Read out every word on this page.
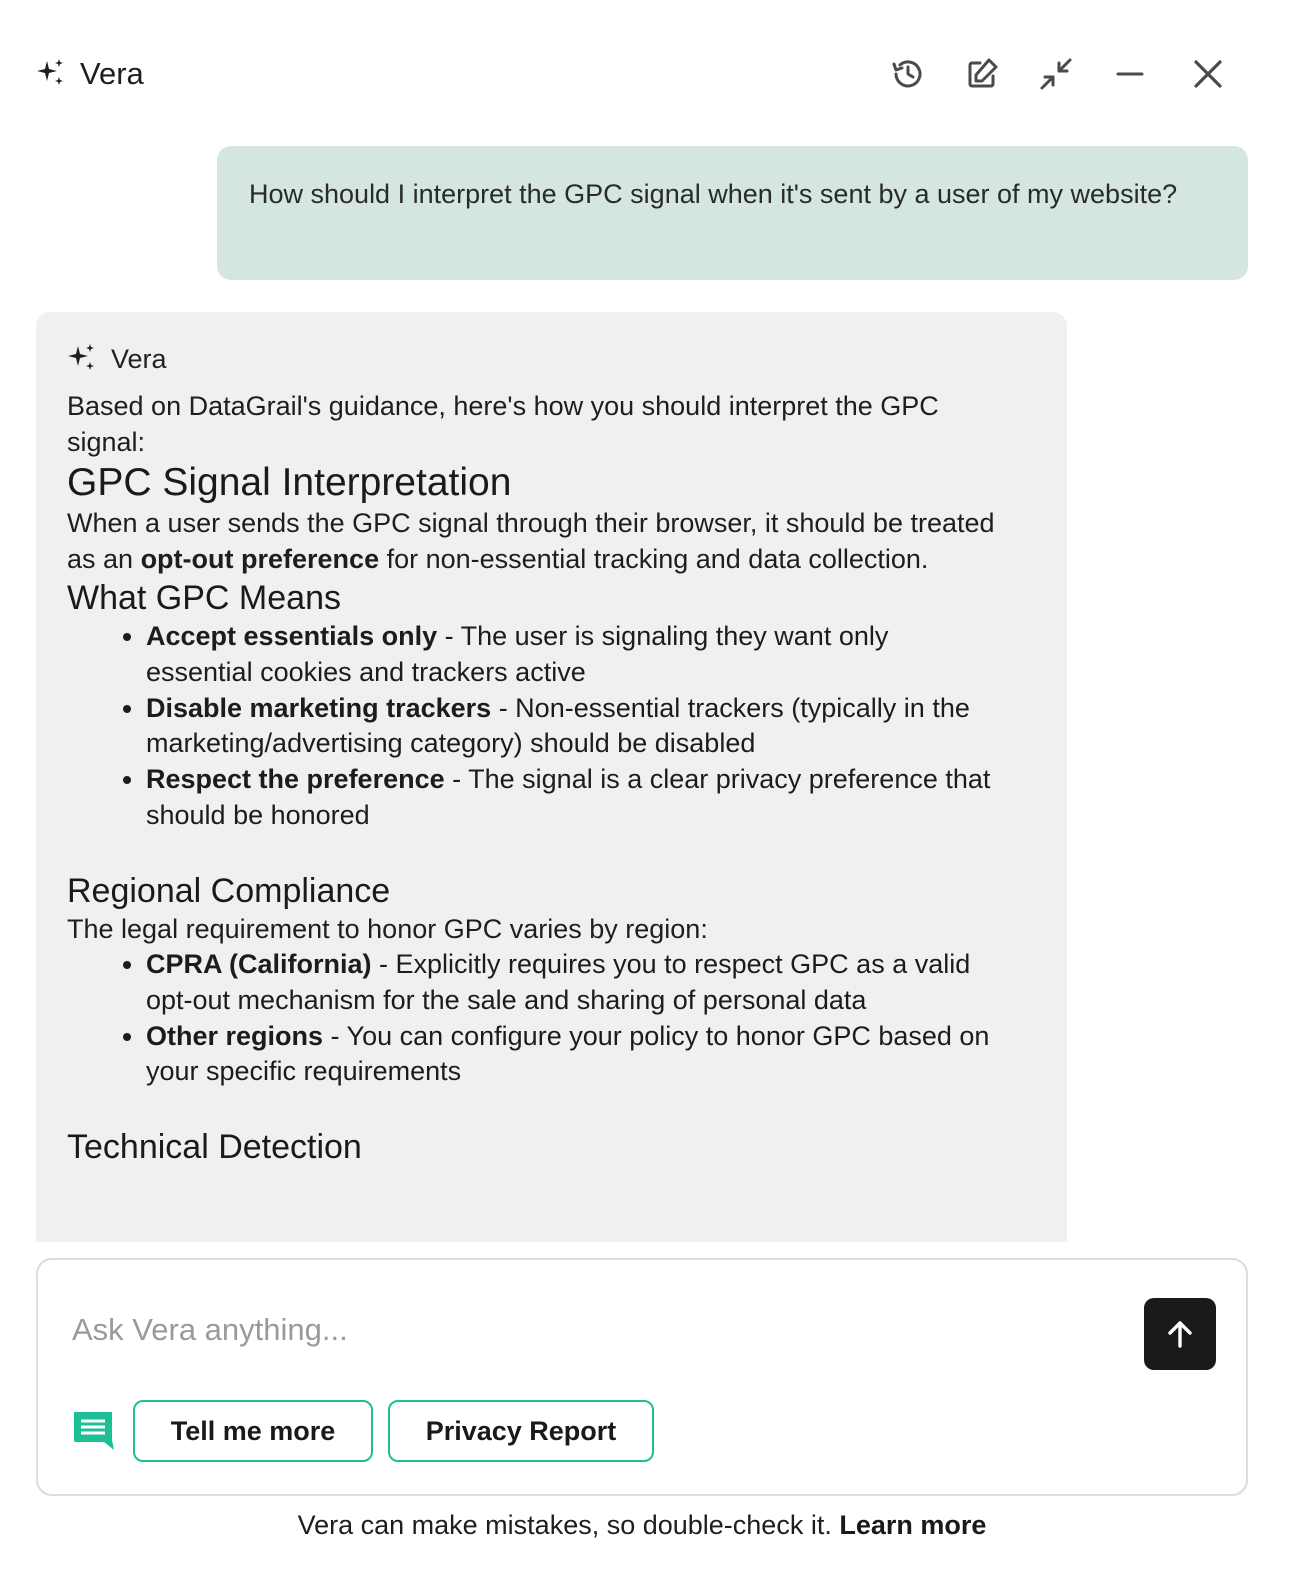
Vera
How should I interpret the GPC signal when it's sent by a user of my website?
Vera
Based on DataGrail's guidance, here's how you should interpret the GPC signal:
GPC Signal Interpretation
When a user sends the GPC signal through their browser, it should be treated as an opt-out preference for non-essential tracking and data collection.
What GPC Means
• Accept essentials only - The user is signaling they want only essential cookies and trackers active
• Disable marketing trackers - Non-essential trackers (typically in the marketing/advertising category) should be disabled
• Respect the preference - The signal is a clear privacy preference that should be honored
Regional Compliance
The legal requirement to honor GPC varies by region:
• CPRA (California) - Explicitly requires you to respect GPC as a valid opt-out mechanism for the sale and sharing of personal data
• Other regions - You can configure your policy to honor GPC based on your specific requirements
Technical Detection
Ask Vera anything...
Tell me more	Privacy Report
Vera can make mistakes, so double-check it. Learn more
